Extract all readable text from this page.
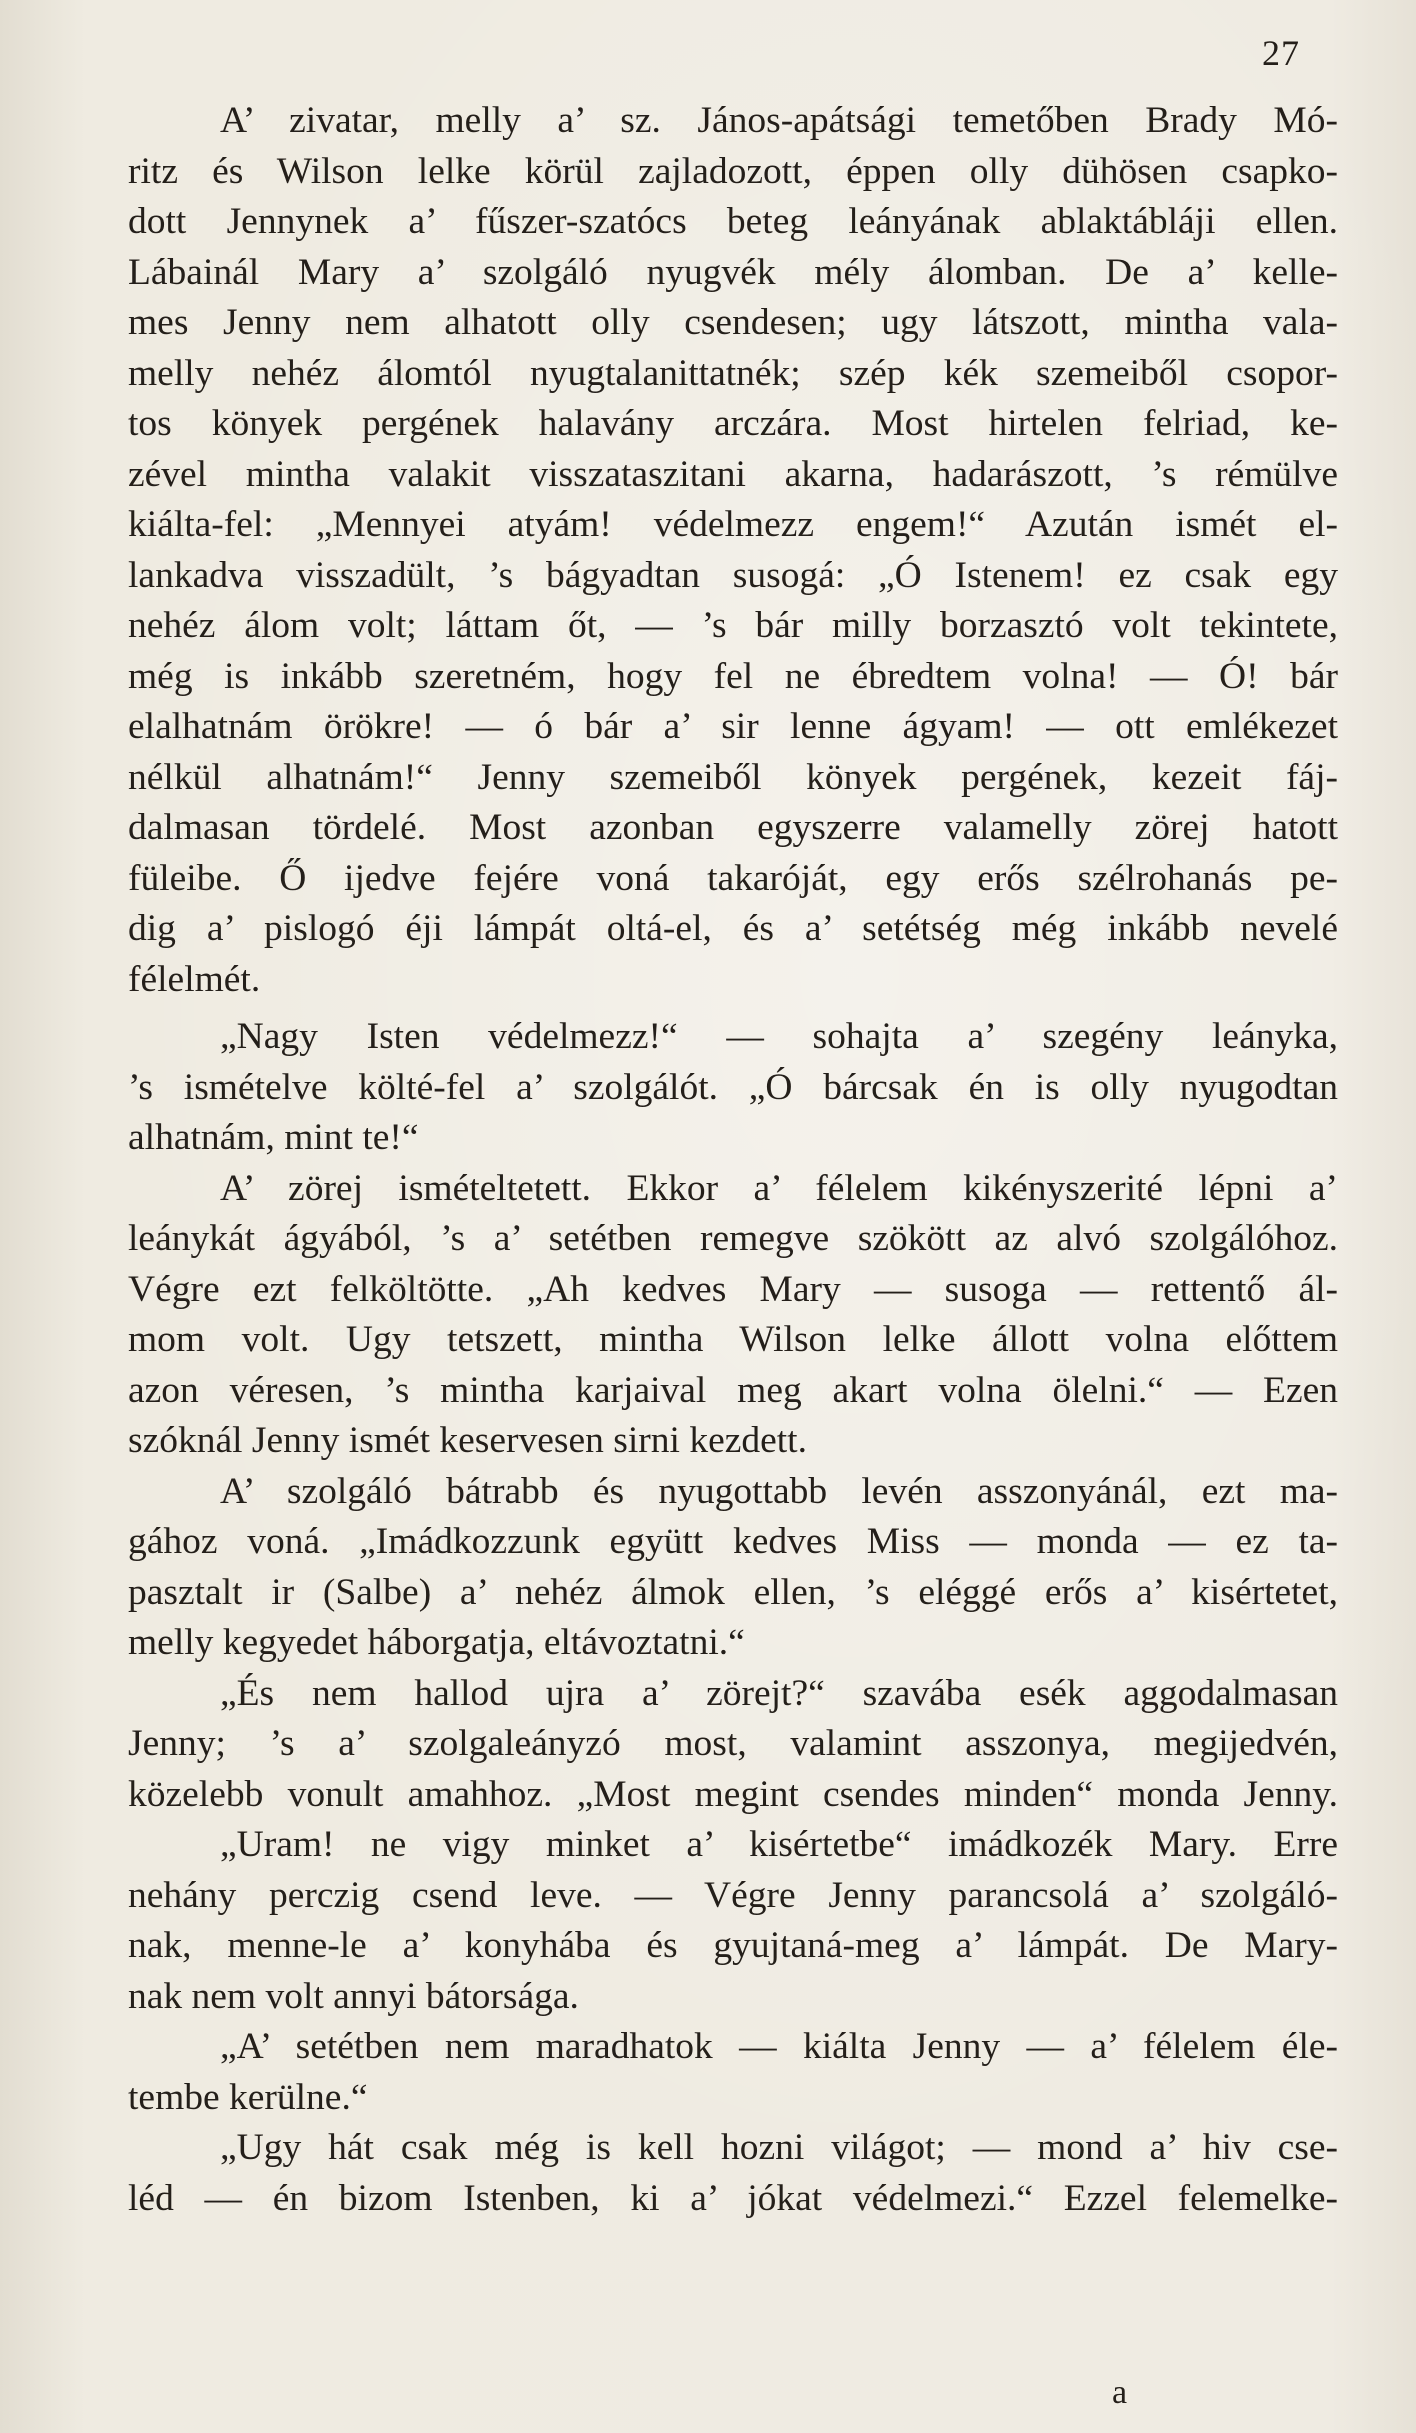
27
A’ zivatar, melly a’ sz. János-apátsági temetőben Brady Mó-
ritz és Wilson lelke körül zajladozott, éppen olly dühösen csapko-
dott Jennynek a’ fűszer-szatócs beteg leányának ablaktábláji ellen.
Lábainál Mary a’ szolgáló nyugvék mély álomban. De a’ kelle-
mes Jenny nem alhatott olly csendesen; ugy látszott, mintha vala-
melly nehéz álomtól nyugtalanittatnék; szép kék szemeiből csopor-
tos könyek pergének halavány arczára. Most hirtelen felriad, ke-
zével mintha valakit visszataszitani akarna, hadarászott, ’s rémülve
kiálta-fel: „Mennyei atyám! védelmezz engem!“ Azután ismét el-
lankadva visszadült, ’s bágyadtan susogá: „Ó Istenem! ez csak egy
nehéz álom volt; láttam őt, — ’s bár milly borzasztó volt tekintete,
még is inkább szeretném, hogy fel ne ébredtem volna! — Ó! bár
elalhatnám örökre! — ó bár a’ sir lenne ágyam! — ott emlékezet
nélkül alhatnám!“ Jenny szemeiből könyek pergének, kezeit fáj-
dalmasan tördelé. Most azonban egyszerre valamelly zörej hatott
füleibe. Ő ijedve fejére voná takaróját, egy erős szélrohanás pe-
dig a’ pislogó éji lámpát oltá-el, és a’ setétség még inkább nevelé
félelmét.
„Nagy Isten védelmezz!“ — sohajta a’ szegény leányka,
’s ismételve költé-fel a’ szolgálót. „Ó bárcsak én is olly nyugodtan
alhatnám, mint te!“
A’ zörej ismételtetett. Ekkor a’ félelem kikényszerité lépni a’
leánykát ágyából, ’s a’ setétben remegve szökött az alvó szolgálóhoz.
Végre ezt felköltötte. „Ah kedves Mary — susoga — rettentő ál-
mom volt. Ugy tetszett, mintha Wilson lelke állott volna előttem
azon véresen, ’s mintha karjaival meg akart volna ölelni.“ — Ezen
szóknál Jenny ismét keservesen sirni kezdett.
A’ szolgáló bátrabb és nyugottabb levén asszonyánál, ezt ma-
gához voná. „Imádkozzunk együtt kedves Miss — monda — ez ta-
pasztalt ir (Salbe) a’ nehéz álmok ellen, ’s eléggé erős a’ kisértetet,
melly kegyedet háborgatja, eltávoztatni.“
„És nem hallod ujra a’ zörejt?“ szavába esék aggodalmasan
Jenny; ’s a’ szolgaleányzó most, valamint asszonya, megijedvén,
közelebb vonult amahhoz. „Most megint csendes minden“ monda Jenny.
„Uram! ne vigy minket a’ kisértetbe“ imádkozék Mary. Erre
nehány perczig csend leve. — Végre Jenny parancsolá a’ szolgáló-
nak, menne-le a’ konyhába és gyujtaná-meg a’ lámpát. De Mary-
nak nem volt annyi bátorsága.
„A’ setétben nem maradhatok — kiálta Jenny — a’ félelem éle-
tembe kerülne.“
„Ugy hát csak még is kell hozni világot; — mond a’ hiv cse-
léd — én bizom Istenben, ki a’ jókat védelmezi.“ Ezzel felemelke-
a
